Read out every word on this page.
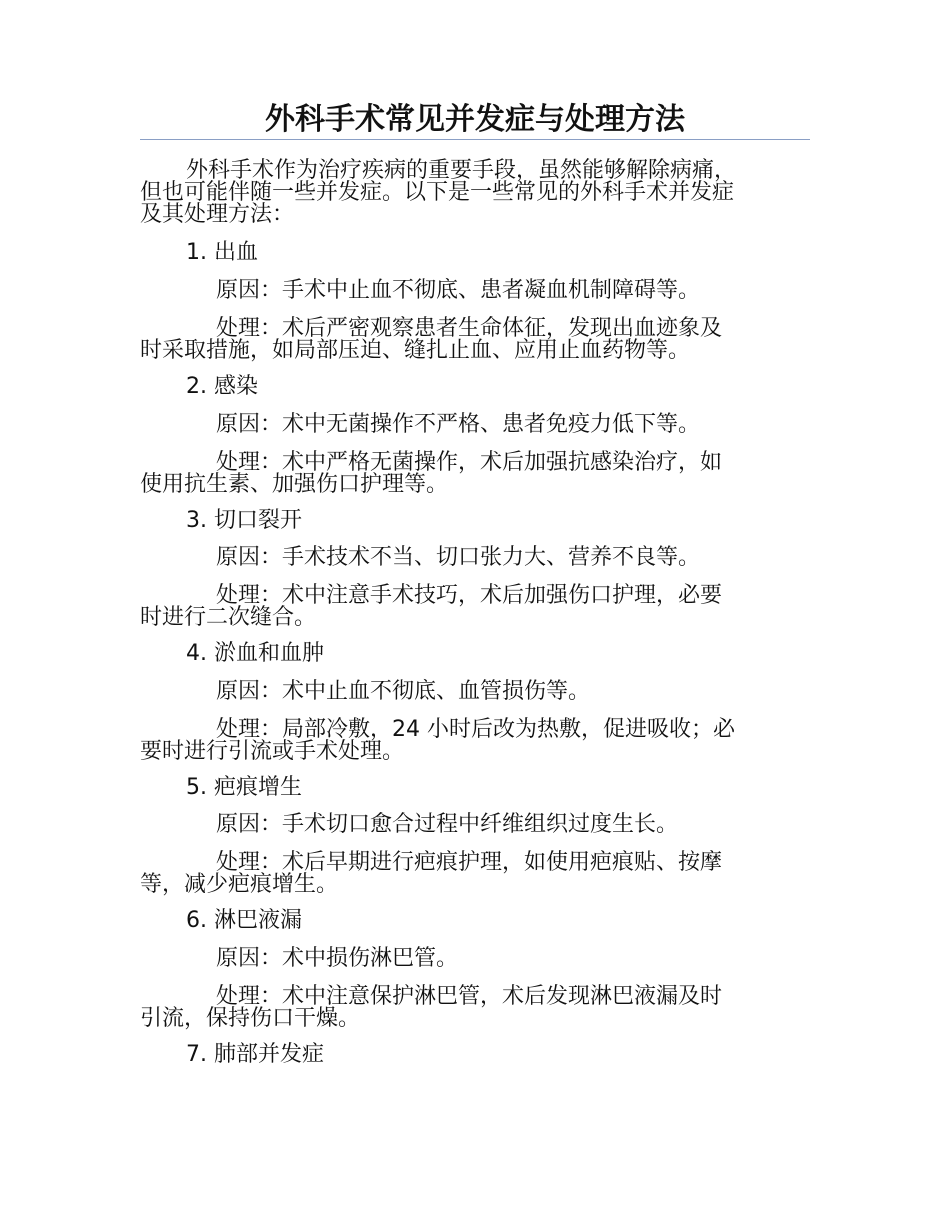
外科手术常见并发症与处理方法
外科手术作为治疗疾病的重要手段，虽然能够解除病痛，
但也可能伴随一些并发症。以下是一些常见的外科手术并发症
及其处理方法：
1. 出血
原因：手术中止血不彻底、患者凝血机制障碍等。
处理：术后严密观察患者生命体征，发现出血迹象及
时采取措施，如局部压迫、缝扎止血、应用止血药物等。
2. 感染
原因：术中无菌操作不严格、患者免疫力低下等。
处理：术中严格无菌操作，术后加强抗感染治疗，如
使用抗生素、加强伤口护理等。
3. 切口裂开
原因：手术技术不当、切口张力大、营养不良等。
处理：术中注意手术技巧，术后加强伤口护理，必要
时进行二次缝合。
4. 淤血和血肿
原因：术中止血不彻底、血管损伤等。
处理：局部冷敷，24 小时后改为热敷，促进吸收；必
要时进行引流或手术处理。
5. 疤痕增生
原因：手术切口愈合过程中纤维组织过度生长。
处理：术后早期进行疤痕护理，如使用疤痕贴、按摩
等，减少疤痕增生。
6. 淋巴液漏
原因：术中损伤淋巴管。
处理：术中注意保护淋巴管，术后发现淋巴液漏及时
引流，保持伤口干燥。
7. 肺部并发症
